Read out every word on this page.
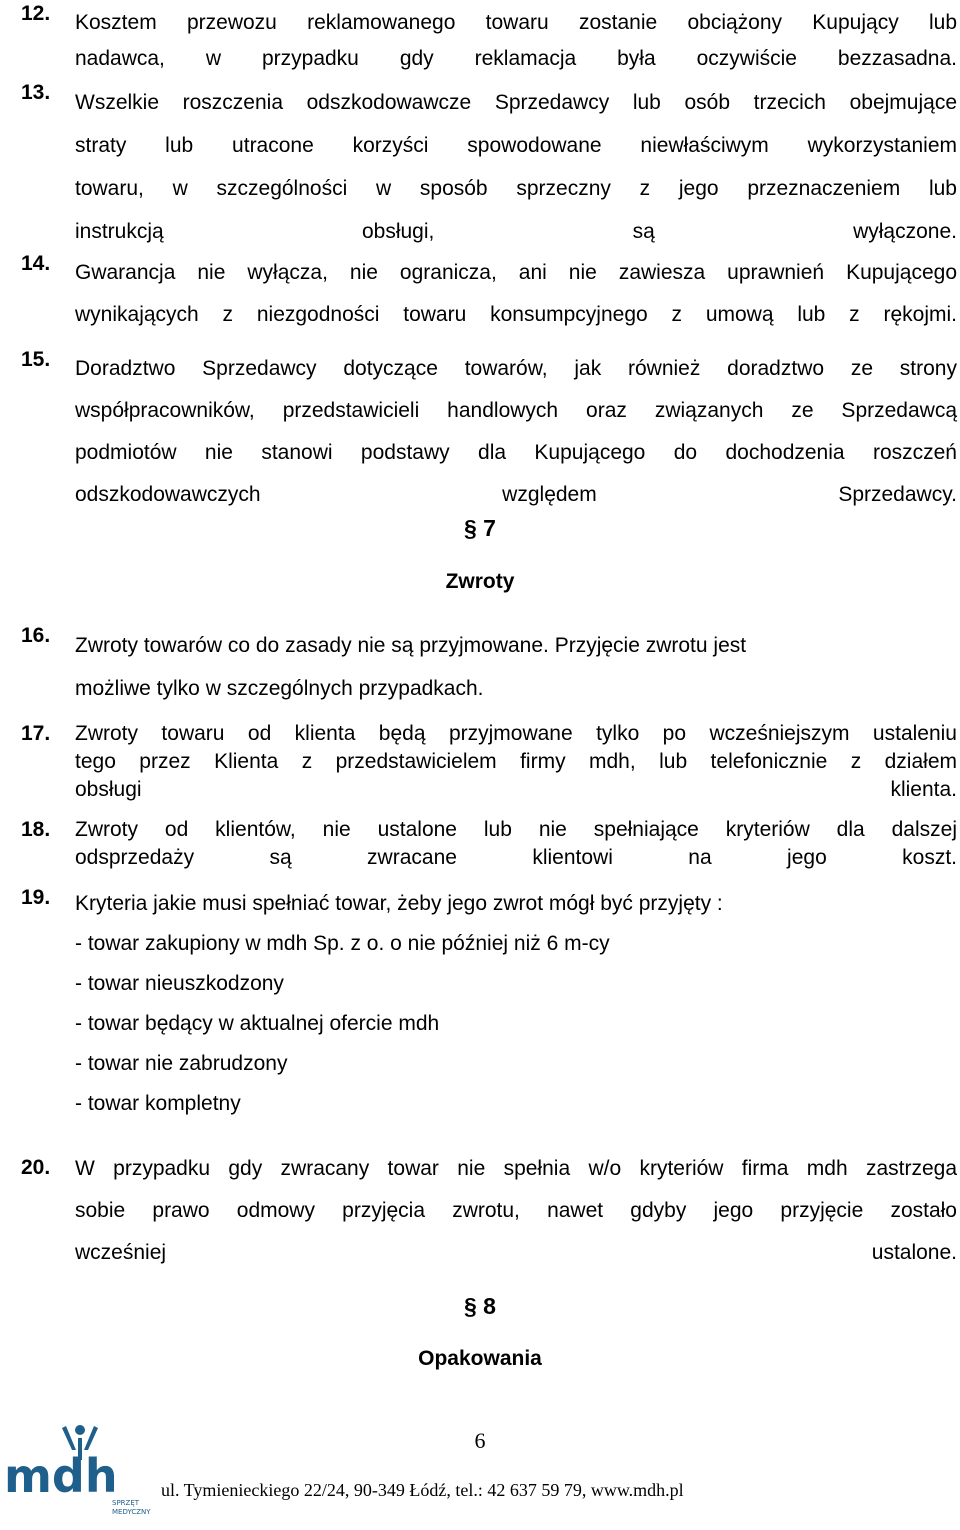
12. Kosztem przewozu reklamowanego towaru zostanie obciążony Kupujący lub
nadawca, w przypadku gdy reklamacja była oczywiście bezzasadna.
13. Wszelkie roszczenia odszkodowawcze Sprzedawcy lub osób trzecich obejmujące
straty lub utracone korzyści spowodowane niewłaściwym wykorzystaniem
towaru, w szczególności w sposób sprzeczny z jego przeznaczeniem lub
instrukcją obsługi, są wyłączone.
14. Gwarancja nie wyłącza, nie ogranicza, ani nie zawiesza uprawnień Kupującego
wynikających z niezgodności towaru konsumpcyjnego z umową lub z rękojmi.
15. Doradztwo Sprzedawcy dotyczące towarów, jak również doradztwo ze strony
współpracowników, przedstawicieli handlowych oraz związanych ze Sprzedawcą
podmiotów nie stanowi podstawy dla Kupującego do dochodzenia roszczeń
odszkodowawczych względem Sprzedawcy.
§ 7
Zwroty
16. Zwroty towarów co do zasady nie są przyjmowane. Przyjęcie zwrotu jest
możliwe tylko w szczególnych przypadkach.
17. Zwroty towaru od klienta będą przyjmowane tylko po wcześniejszym ustaleniu
tego przez Klienta z przedstawicielem firmy mdh, lub telefonicznie z działem
obsługi klienta.
18. Zwroty od klientów, nie ustalone lub nie spełniające kryteriów dla dalszej
odsprzedaży są zwracane klientowi na jego koszt.
19. Kryteria jakie musi spełniać towar, żeby jego zwrot mógł być przyjęty :
- towar zakupiony w mdh Sp. z o. o nie później niż 6 m-cy
- towar nieuszkodzony
- towar będący w aktualnej ofercie mdh
- towar nie zabrudzony
- towar kompletny
20. W przypadku gdy zwracany towar nie spełnia w/o kryteriów firma mdh zastrzega
sobie prawo odmowy przyjęcia zwrotu, nawet gdyby jego przyjęcie zostało
wcześniej ustalone.
§ 8
Opakowania
6
mdh
SPRZĘT
MEDYCZNY
ul. Tymienieckiego 22/24, 90-349 Łódź, tel.: 42 637 59 79, www.mdh.pl
